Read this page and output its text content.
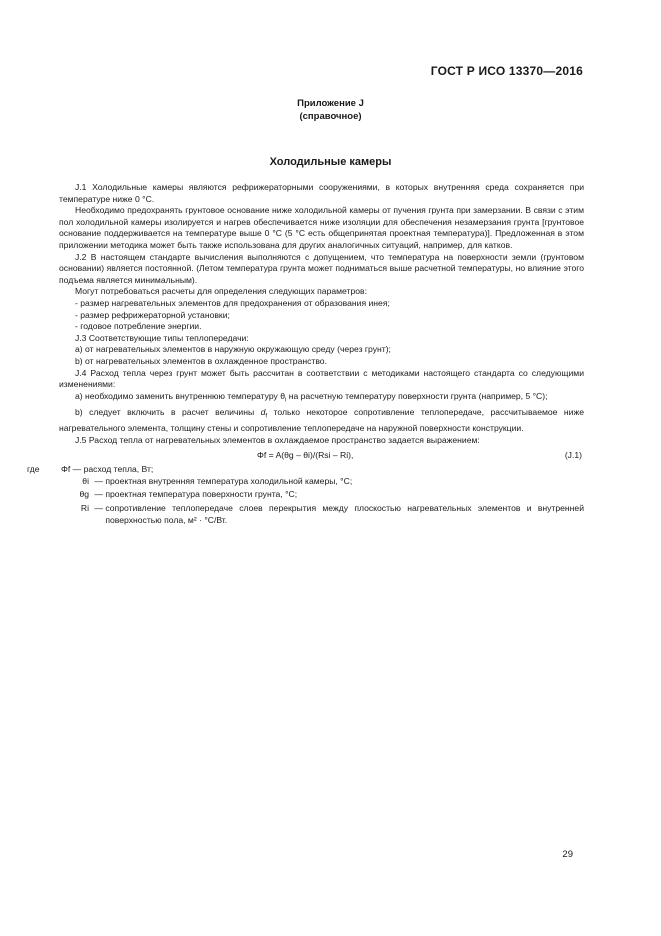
ГОСТ Р ИСО 13370—2016
Приложение J
(справочное)
Холодильные камеры

J.1 Холодильные камеры являются рефрижераторными сооружениями, в которых внутренняя среда сохраняется при температуре ниже 0 °С.

Необходимо предохранять грунтовое основание ниже холодильной камеры от пучения грунта при замерзании. В связи с этим пол холодильной камеры изолируется и нагрев обеспечивается ниже изоляции для обеспечения незамерзания грунта [грунтовое основание поддерживается на температуре выше 0 °С (5 °С есть общепринятая проектная температура)]. Предложенная в этом приложении методика может быть также использована для других аналогичных ситуаций, например, для катков.

J.2 В настоящем стандарте вычисления выполняются с допущением, что температура на поверхности земли (грунтовом основании) является постоянной. (Летом температура грунта может подниматься выше расчетной температуры, но влияние этого подъема является минимальным).

Могут потребоваться расчеты для определения следующих параметров:

- размер нагревательных элементов для предохранения от образования инея;

- размер рефрижераторной установки;

- годовое потребление энергии.

J.3 Соответствующие типы теплопередачи:

a) от нагревательных элементов в наружную окружающую среду (через грунт);

b) от нагревательных элементов в охлажденное пространство.

J.4 Расход тепла через грунт может быть рассчитан в соответствии с методиками настоящего стандарта со следующими изменениями:

a) необходимо заменить внутреннюю температуру $\theta_i$ на расчетную температуру поверхности грунта (например, 5 °С);

b) следует включить в расчет величины $d_f$ только некоторое сопротивление теплопередаче, рассчитываемое ниже нагревательного элемента, толщину стены и сопротивление теплопередаче на наружной поверхности конструкции.

J.5 Расход тепла от нагревательных элементов в охлаждаемое пространство задается выражением:

Φf = A(θg – θi)/(Rsi – Ri),	(J.1)
где	Φf — расход тепла, Вт;
θi — проектная внутренняя температура холодильной камеры, °С;
θg — проектная температура поверхности грунта, °С;
Ri — сопротивление теплопередаче слоев перекрытия между плоскостью нагревательных элементов и внутренней поверхностью пола, м² · °С/Вт.
29
